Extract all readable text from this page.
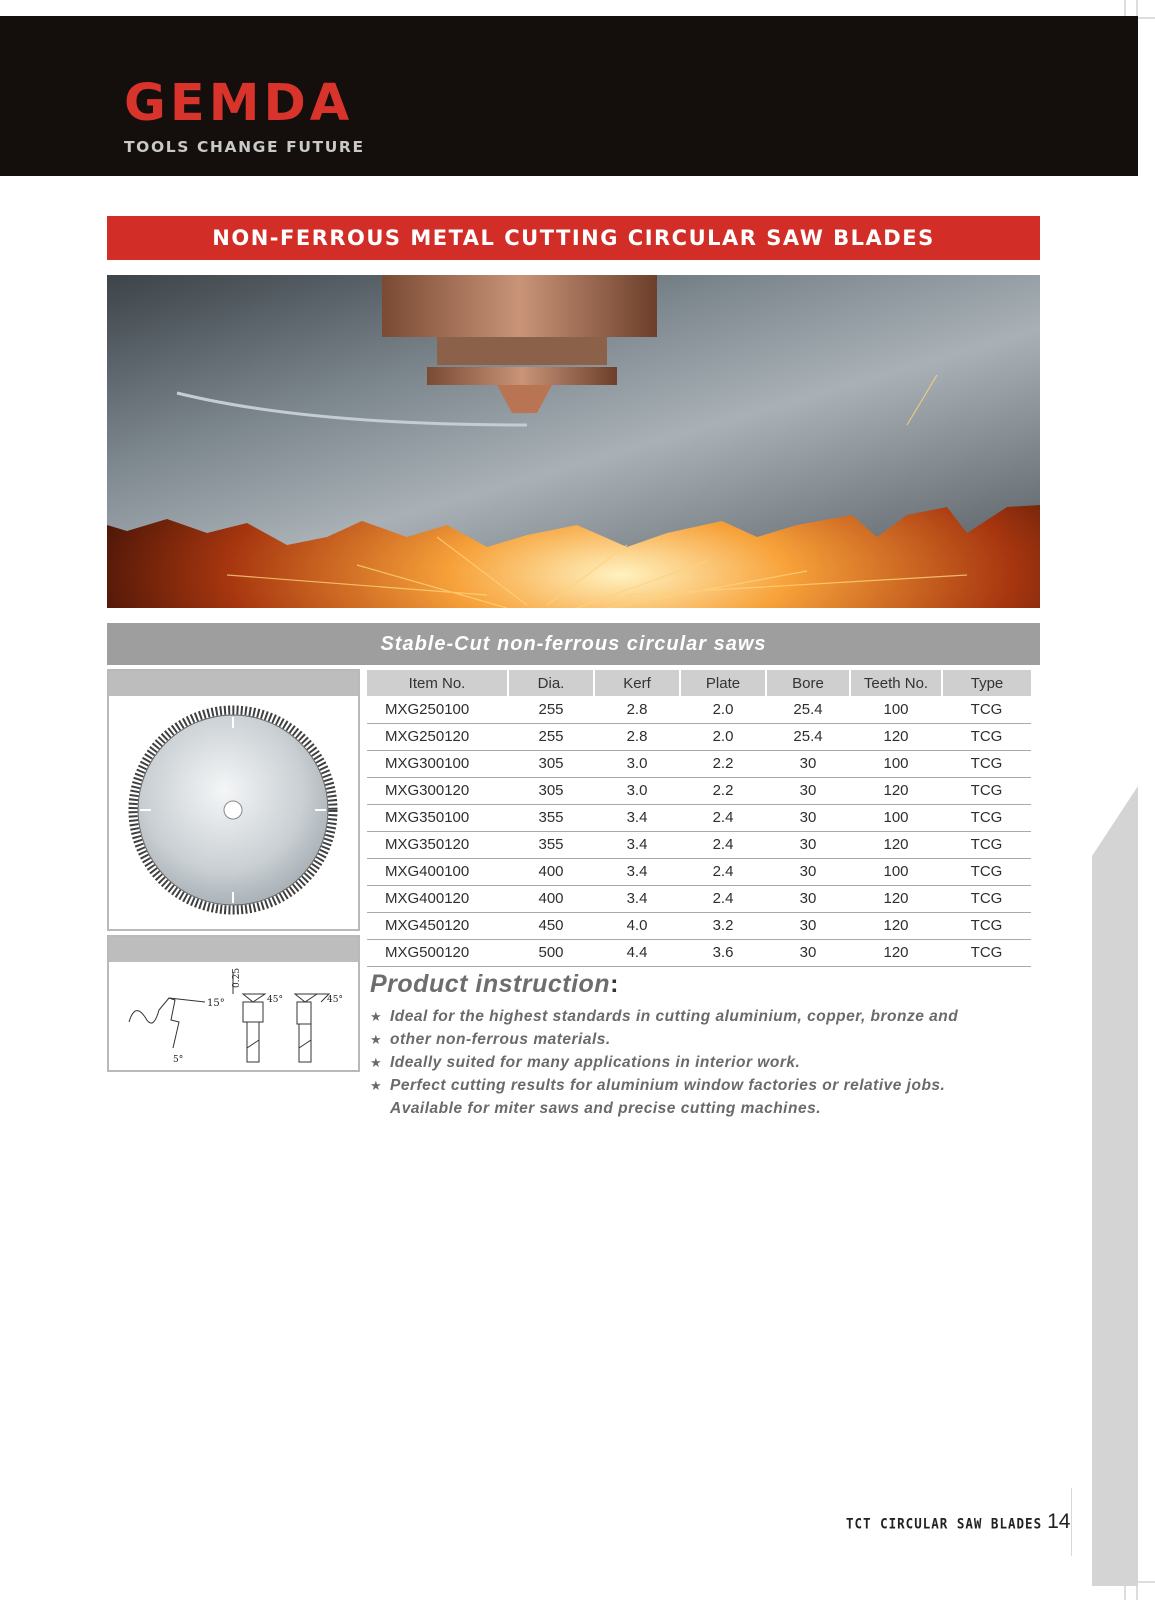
GEMDA
TOOLS CHANGE FUTURE
NON-FERROUS METAL CUTTING CIRCULAR SAW BLADES
Stable-Cut non-ferrous circular saws
15°
5°
0.25
45°	45°
Item No.	Dia.	Kerf	Plate	Bore	Teeth No.	Type
MXG250100	255	2.8	2.0	25.4	100	TCG
MXG250120	255	2.8	2.0	25.4	120	TCG
MXG300100	305	3.0	2.2	30	100	TCG
MXG300120	305	3.0	2.2	30	120	TCG
MXG350100	355	3.4	2.4	30	100	TCG
MXG350120	355	3.4	2.4	30	120	TCG
MXG400100	400	3.4	2.4	30	100	TCG
MXG400120	400	3.4	2.4	30	120	TCG
MXG450120	450	4.0	3.2	30	120	TCG
MXG500120	500	4.4	3.6	30	120	TCG
Product instruction:
★ Ideal for the highest standards in cutting aluminium, copper, bronze and
★ other non-ferrous materials.
★ Ideally suited for many applications in interior work.
★ Perfect cutting results for aluminium window factories or relative jobs.
Available for miter saws and precise cutting machines.
TCT CIRCULAR SAW BLADES 14
